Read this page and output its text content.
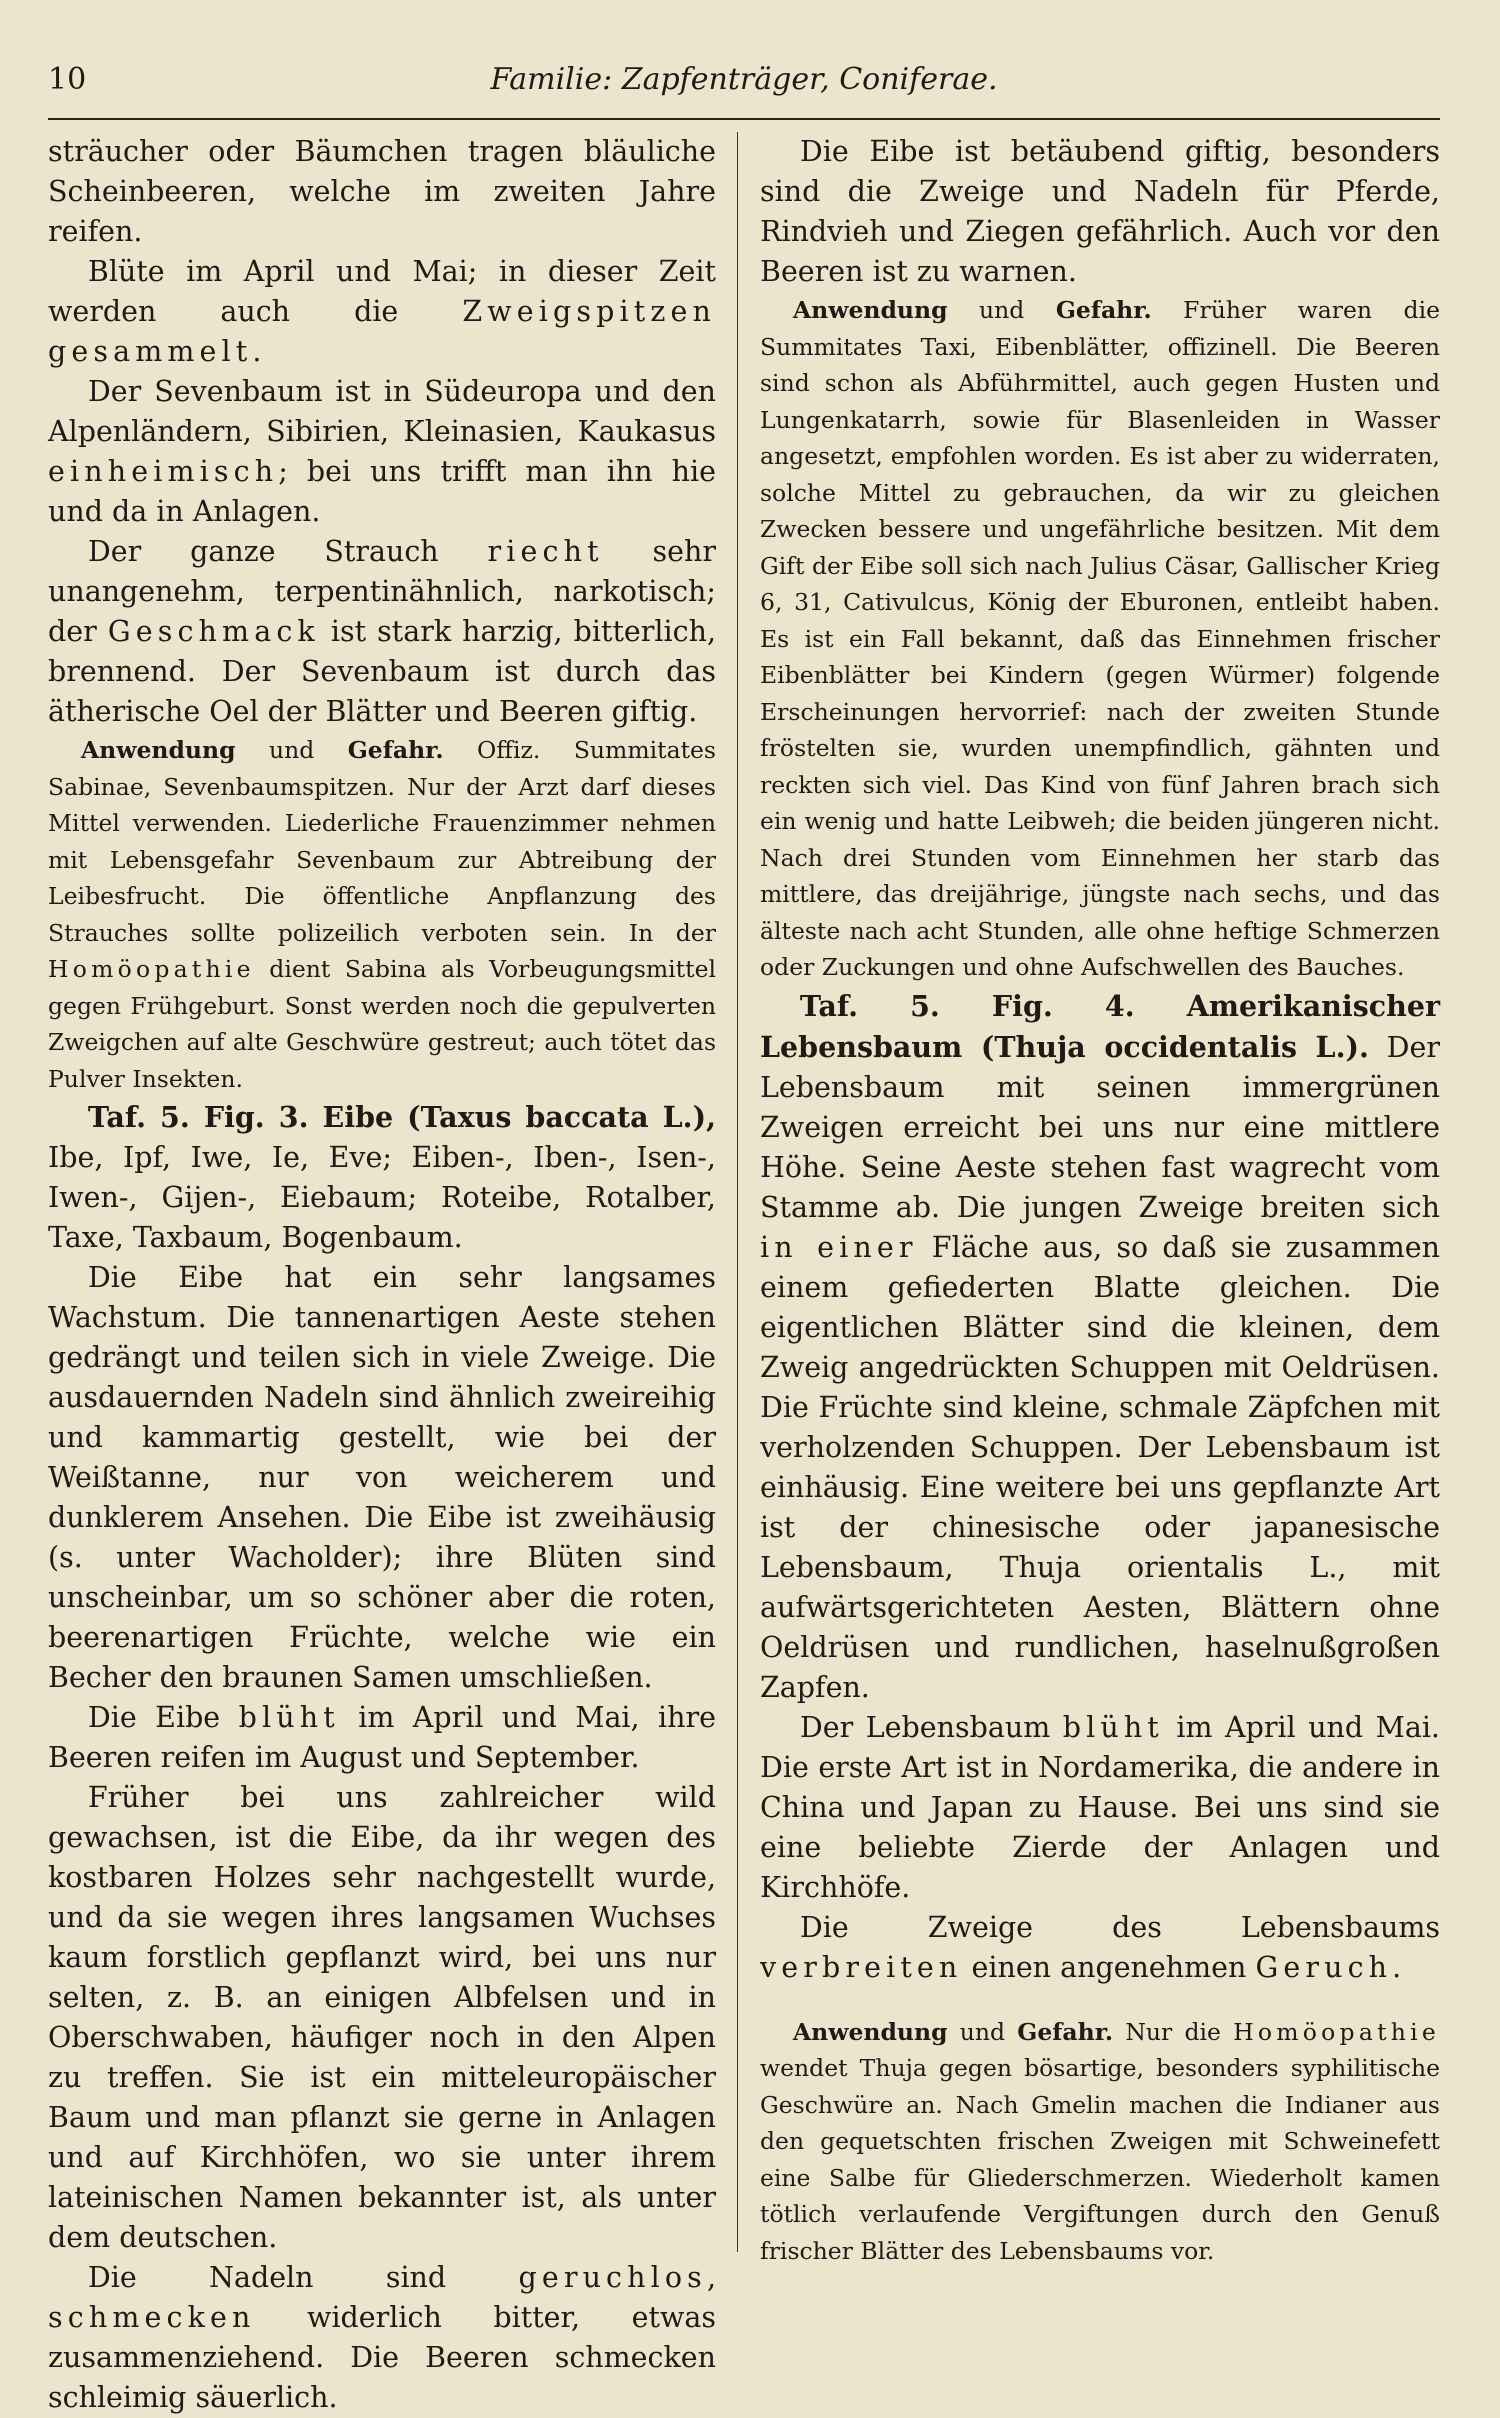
10	Familie: Zapfenträger, Coniferae.

sträucher oder Bäumchen tragen bläuliche Scheinbeeren, welche im zweiten Jahre reifen.

Blüte im April und Mai; in dieser Zeit werden auch die Zweigspitzen gesammelt.

Der Sevenbaum ist in Südeuropa und den Alpenländern, Sibirien, Kleinasien, Kaukasus einheimisch; bei uns trifft man ihn hie und da in Anlagen.

Der ganze Strauch riecht sehr unangenehm, terpentinähnlich, narkotisch; der Geschmack ist stark harzig, bitterlich, brennend. Der Sevenbaum ist durch das ätherische Oel der Blätter und Beeren giftig.

Anwendung und Gefahr. Offiz. Summitates Sabinae, Sevenbaumspitzen. Nur der Arzt darf dieses Mittel verwenden. Liederliche Frauenzimmer nehmen mit Lebensgefahr Sevenbaum zur Abtreibung der Leibesfrucht. Die öffentliche Anpflanzung des Strauches sollte polizeilich verboten sein. In der Homöopathie dient Sabina als Vorbeugungsmittel gegen Frühgeburt. Sonst werden noch die gepulverten Zweigchen auf alte Geschwüre gestreut; auch tötet das Pulver Insekten.

Taf. 5. Fig. 3. Eibe (Taxus baccata L.), Ibe, Ipf, Iwe, Ie, Eve; Eiben-, Iben-, Isen-, Iwen-, Gijen-, Eiebaum; Roteibe, Rotalber, Taxe, Taxbaum, Bogenbaum.

Die Eibe hat ein sehr langsames Wachstum. Die tannenartigen Aeste stehen gedrängt und teilen sich in viele Zweige. Die ausdauernden Nadeln sind ähnlich zweireihig und kammartig gestellt, wie bei der Weißtanne, nur von weicherem und dunklerem Ansehen. Die Eibe ist zweihäusig (s. unter Wacholder); ihre Blüten sind unscheinbar, um so schöner aber die roten, beerenartigen Früchte, welche wie ein Becher den braunen Samen umschließen.

Die Eibe blüht im April und Mai, ihre Beeren reifen im August und September.

Früher bei uns zahlreicher wild gewachsen, ist die Eibe, da ihr wegen des kostbaren Holzes sehr nachgestellt wurde, und da sie wegen ihres langsamen Wuchses kaum forstlich gepflanzt wird, bei uns nur selten, z. B. an einigen Albfelsen und in Oberschwaben, häufiger noch in den Alpen zu treffen. Sie ist ein mitteleuropäischer Baum und man pflanzt sie gerne in Anlagen und auf Kirchhöfen, wo sie unter ihrem lateinischen Namen bekannter ist, als unter dem deutschen.

Die Nadeln sind geruchlos, schmecken widerlich bitter, etwas zusammenziehend. Die Beeren schmecken schleimig säuerlich.

Die Eibe ist betäubend giftig, besonders sind die Zweige und Nadeln für Pferde, Rindvieh und Ziegen gefährlich. Auch vor den Beeren ist zu warnen.

Anwendung und Gefahr. Früher waren die Summitates Taxi, Eibenblätter, offizinell. Die Beeren sind schon als Abführmittel, auch gegen Husten und Lungenkatarrh, sowie für Blasenleiden in Wasser angesetzt, empfohlen worden. Es ist aber zu widerraten, solche Mittel zu gebrauchen, da wir zu gleichen Zwecken bessere und ungefährliche besitzen. Mit dem Gift der Eibe soll sich nach Julius Cäsar, Gallischer Krieg 6, 31, Cativulcus, König der Eburonen, entleibt haben. Es ist ein Fall bekannt, daß das Einnehmen frischer Eibenblätter bei Kindern (gegen Würmer) folgende Erscheinungen hervorrief: nach der zweiten Stunde fröstelten sie, wurden unempfindlich, gähnten und reckten sich viel. Das Kind von fünf Jahren brach sich ein wenig und hatte Leibweh; die beiden jüngeren nicht. Nach drei Stunden vom Einnehmen her starb das mittlere, das dreijährige, jüngste nach sechs, und das älteste nach acht Stunden, alle ohne heftige Schmerzen oder Zuckungen und ohne Aufschwellen des Bauches.

Taf. 5. Fig. 4. Amerikanischer Lebensbaum (Thuja occidentalis L.). Der Lebensbaum mit seinen immergrünen Zweigen erreicht bei uns nur eine mittlere Höhe. Seine Aeste stehen fast wagrecht vom Stamme ab. Die jungen Zweige breiten sich in einer Fläche aus, so daß sie zusammen einem gefiederten Blatte gleichen. Die eigentlichen Blätter sind die kleinen, dem Zweig angedrückten Schuppen mit Oeldrüsen. Die Früchte sind kleine, schmale Zäpfchen mit verholzenden Schuppen. Der Lebensbaum ist einhäusig. Eine weitere bei uns gepflanzte Art ist der chinesische oder japanesische Lebensbaum, Thuja orientalis L., mit aufwärtsgerichteten Aesten, Blättern ohne Oeldrüsen und rundlichen, haselnußgroßen Zapfen.

Der Lebensbaum blüht im April und Mai. Die erste Art ist in Nordamerika, die andere in China und Japan zu Hause. Bei uns sind sie eine beliebte Zierde der Anlagen und Kirchhöfe.

Die Zweige des Lebensbaums verbreiten einen angenehmen Geruch.

Anwendung und Gefahr. Nur die Homöopathie wendet Thuja gegen bösartige, besonders syphilitische Geschwüre an. Nach Gmelin machen die Indianer aus den gequetschten frischen Zweigen mit Schweinefett eine Salbe für Gliederschmerzen. Wiederholt kamen tötlich verlaufende Vergiftungen durch den Genuß frischer Blätter des Lebensbaums vor.
